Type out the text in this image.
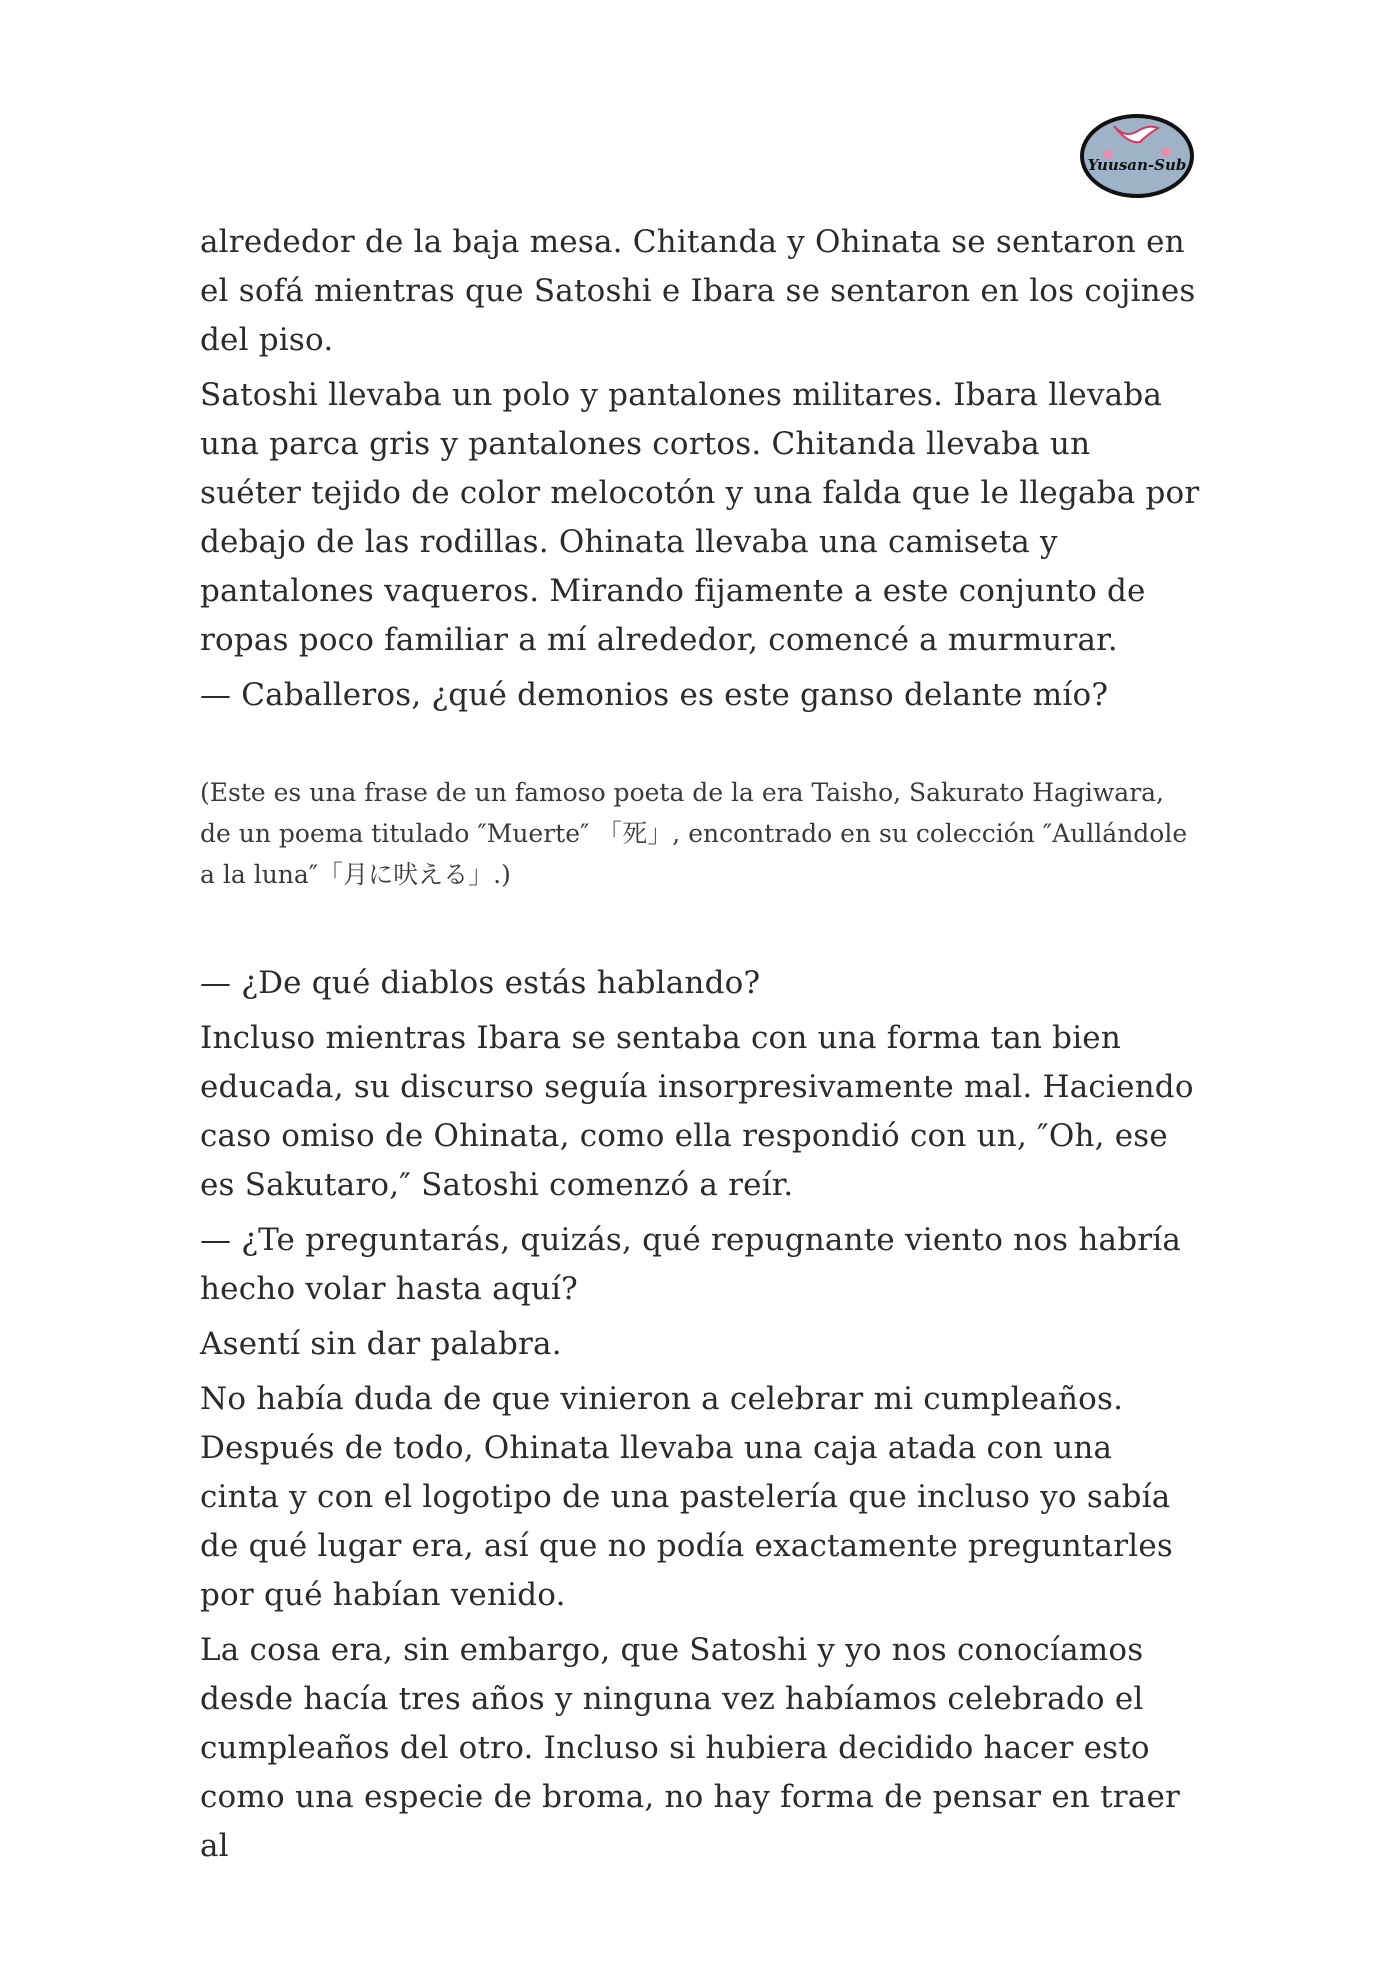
Yuusan-Sub

alrededor de la baja mesa. Chitanda y Ohinata se sentaron en el sofá mientras que Satoshi e Ibara se sentaron en los cojines del piso.

Satoshi llevaba un polo y pantalones militares. Ibara llevaba una parca gris y pantalones cortos. Chitanda llevaba un suéter tejido de color melocotón y una falda que le llegaba por debajo de las rodillas. Ohinata llevaba una camiseta y pantalones vaqueros. Mirando fijamente a este conjunto de ropas poco familiar a mí alrededor, comencé a murmurar.

— Caballeros, ¿qué demonios es este ganso delante mío?

(Este es una frase de un famoso poeta de la era Taisho, Sakurato Hagiwara, de un poema titulado ″Muerte″ 「死」, encontrado en su colección ″Aullándole a la luna″「月に吠える」.)

— ¿De qué diablos estás hablando?

Incluso mientras Ibara se sentaba con una forma tan bien educada, su discurso seguía insorpresivamente mal. Haciendo caso omiso de Ohinata, como ella respondió con un, ″Oh, ese es Sakutaro,″ Satoshi comenzó a reír.

— ¿Te preguntarás, quizás, qué repugnante viento nos habría hecho volar hasta aquí?

Asentí sin dar palabra.

No había duda de que vinieron a celebrar mi cumpleaños. Después de todo, Ohinata llevaba una caja atada con una cinta y con el logotipo de una pastelería que incluso yo sabía de qué lugar era, así que no podía exactamente preguntarles por qué habían venido.

La cosa era, sin embargo, que Satoshi y yo nos conocíamos desde hacía tres años y ninguna vez habíamos celebrado el cumpleaños del otro. Incluso si hubiera decidido hacer esto como una especie de broma, no hay forma de pensar en traer al
